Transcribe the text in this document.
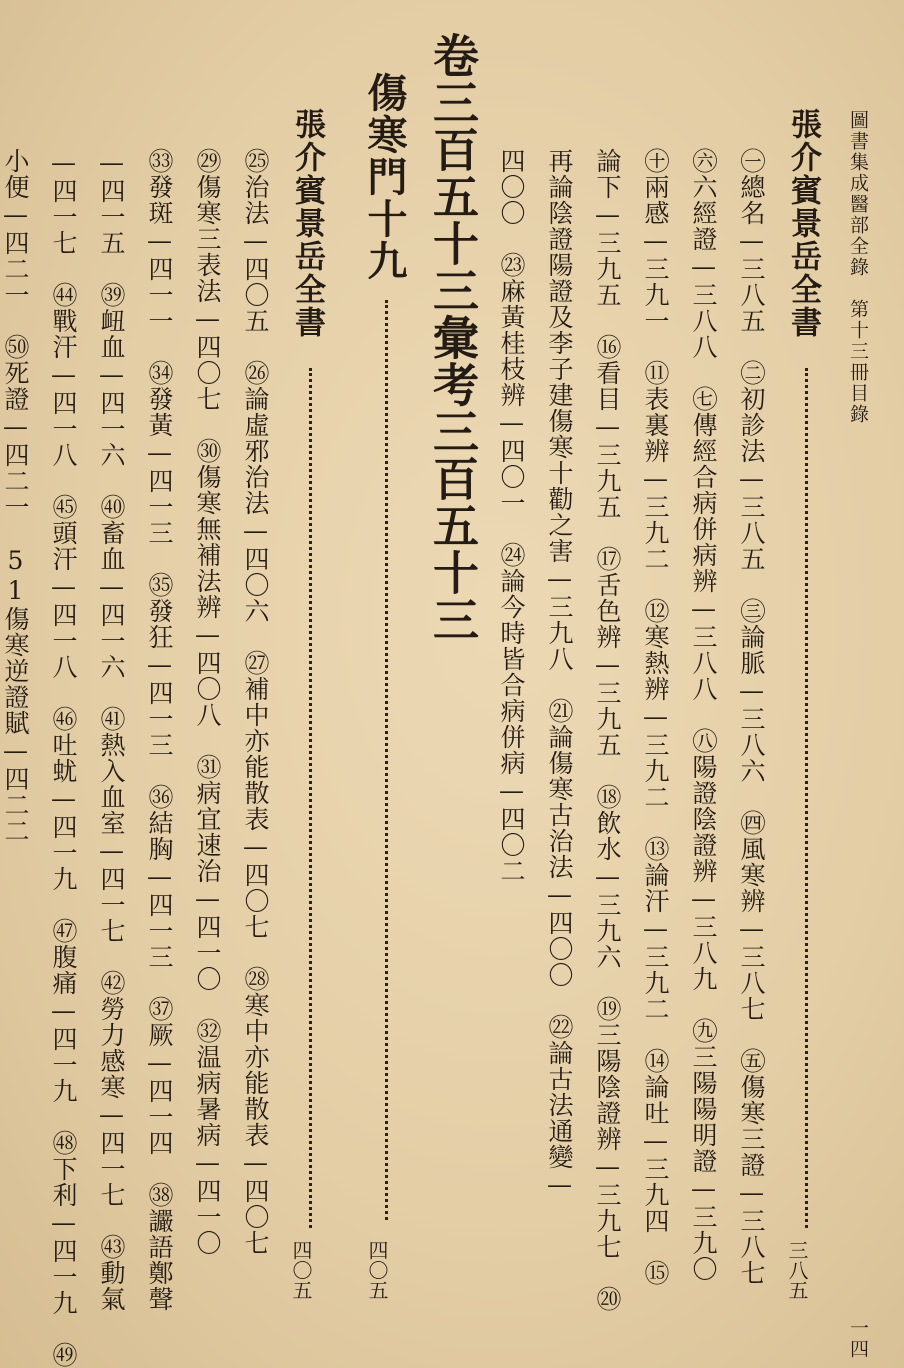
圖書集成醫部全錄　第十三冊目錄
一四
張介賓景岳全書
三八五
㊀總名—三八五　㊁初診法—三八五　㊂論脈—三八六　㊃風寒辨—三八七　㊄傷寒三證—三八七
㊅六經證—三八八　㊆傳經合病併病辨—三八八　㊇陽證陰證辨—三八九　㊈三陽陽明證—三九〇
㊉兩感—三九一　⑪表裏辨—三九二　⑫寒熱辨—三九二　⑬論汗—三九二　⑭論吐—三九四　⑮
論下—三九五　⑯看目—三九五　⑰舌色辨—三九五　⑱飲水—三九六　⑲三陽陰證辨—三九七　⑳
再論陰證陽證及李子建傷寒十勸之害—三九八　㉑論傷寒古治法—四〇〇　㉒論古法通變—
四〇〇　㉓麻黃桂枝辨—四〇一　㉔論今時皆合病併病—四〇二
卷三百五十三彙考三百五十三
傷寒門十九
四〇五
張介賓景岳全書
四〇五
㉕治法—四〇五　㉖論虛邪治法—四〇六　㉗補中亦能散表—四〇七　㉘寒中亦能散表—四〇七
㉙傷寒三表法—四〇七　㉚傷寒無補法辨—四〇八　㉛病宜速治—四一〇　㉜温病暑病—四一〇
㉝發斑—四一一　㉞發黃—四一三　㉟發狂—四一三　㊱結胸—四一三　㊲厥—四一四　㊳讝語鄭聲
—四一五　㊴衄血—四一六　㊵畜血—四一六　㊶熱入血室—四一七　㊷勞力感寒—四一七　㊸動氣
—四一七　㊹戰汗—四一八　㊺頭汗—四一八　㊻吐蚘—四一九　㊼腹痛—四一九　㊽下利—四一九　㊾
小便—四二一　㊿死證—四二一　51傷寒逆證賦—四二二
